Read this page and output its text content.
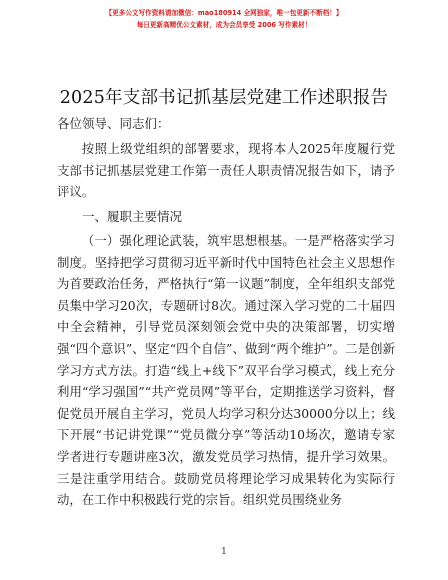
【更多公文写作资料请加微信：mao180914 全网独家，唯一包更新不断档！】
每日更新高精优公文素材，成为会员享受 2006 写作素材！
2025年支部书记抓基层党建工作述职报告
各位领导、同志们：

按照上级党组织的部署要求，现将本人2025年度履行党支部书记抓基层党建工作第一责任人职责情况报告如下，请予评议。

一、履职主要情况

（一）强化理论武装，筑牢思想根基。一是严格落实学习制度。坚持把学习贯彻习近平新时代中国特色社会主义思想作为首要政治任务，严格执行“第一议题”制度，全年组织支部党员集中学习20次，专题研讨8次。通过深入学习党的二十届四中全会精神，引导党员深刻领会党中央的决策部署，切实增强“四个意识”、坚定“四个自信”、做到“两个维护”。二是创新学习方式方法。打造“线上+线下”双平台学习模式，线上充分利用“学习强国”“共产党员网”等平台，定期推送学习资料，督促党员开展自主学习，党员人均学习积分达30000分以上；线下开展“书记讲党课”“党员微分享”等活动10场次，邀请专家学者进行专题讲座3次，激发党员学习热情，提升学习效果。三是注重学用结合。鼓励党员将理论学习成果转化为实际行动，在工作中积极践行党的宗旨。组织党员围绕业务

1
